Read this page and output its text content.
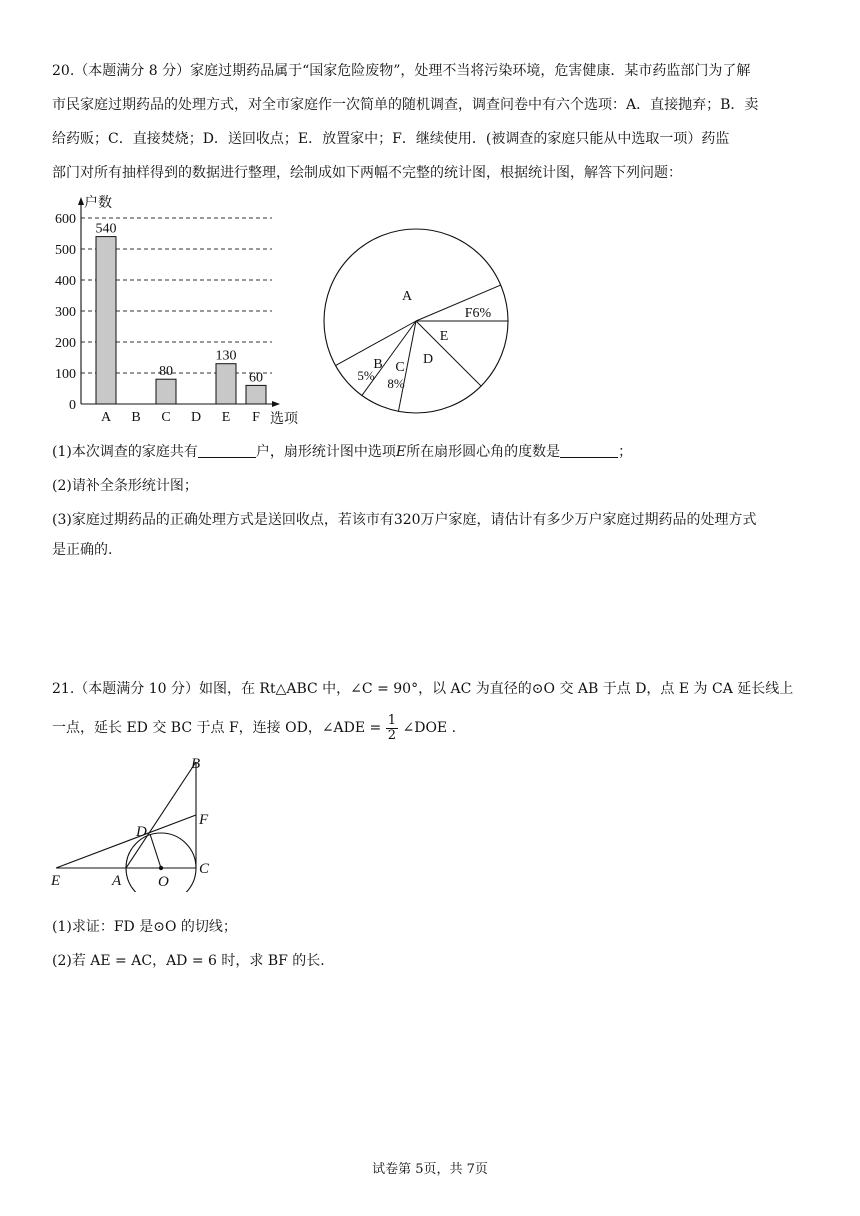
20.（本题满分 8 分）家庭过期药品属于“国家危险废物”，处理不当将污染环境，危害健康．某市药监部门为了解
市民家庭过期药品的处理方式，对全市家庭作一次简单的随机调查，调查问卷中有六个选项：A．直接抛弃；B．卖
给药贩；C．直接焚烧；D．送回收点；E．放置家中；F．继续使用．(被调查的家庭只能从中选取一项）药监
部门对所有抽样得到的数据进行整理，绘制成如下两幅不完整的统计图，根据统计图，解答下列问题：
0
100
200
300
400
500
600
户数
选项
540
A B
80
C D
130
E
60
F
A
F6%
E
D
C
8%
B
5%
(1)本次调查的家庭共有	户，扇形统计图中选项E所在扇形圆心角的度数是	；
(2)请补全条形统计图；
(3)家庭过期药品的正确处理方式是送回收点，若该市有320万户家庭，请估计有多少万户家庭过期药品的处理方式
是正确的.
21.（本题满分 10 分）如图，在 Rt△ABC 中，∠C = 90°，以 AC 为直径的⊙O 交 AB 于点 D，点 E 为 CA 延长线上
一点，延长 ED 交 BC 于点 F，连接 OD，∠ADE = $\frac{1}{2}$ ∠DOE .
B
F
D
C
E	A O
(1)求证：FD 是⊙O 的切线；
(2)若 AE = AC，AD = 6 时，求 BF 的长.
试卷第 5页，共 7页
